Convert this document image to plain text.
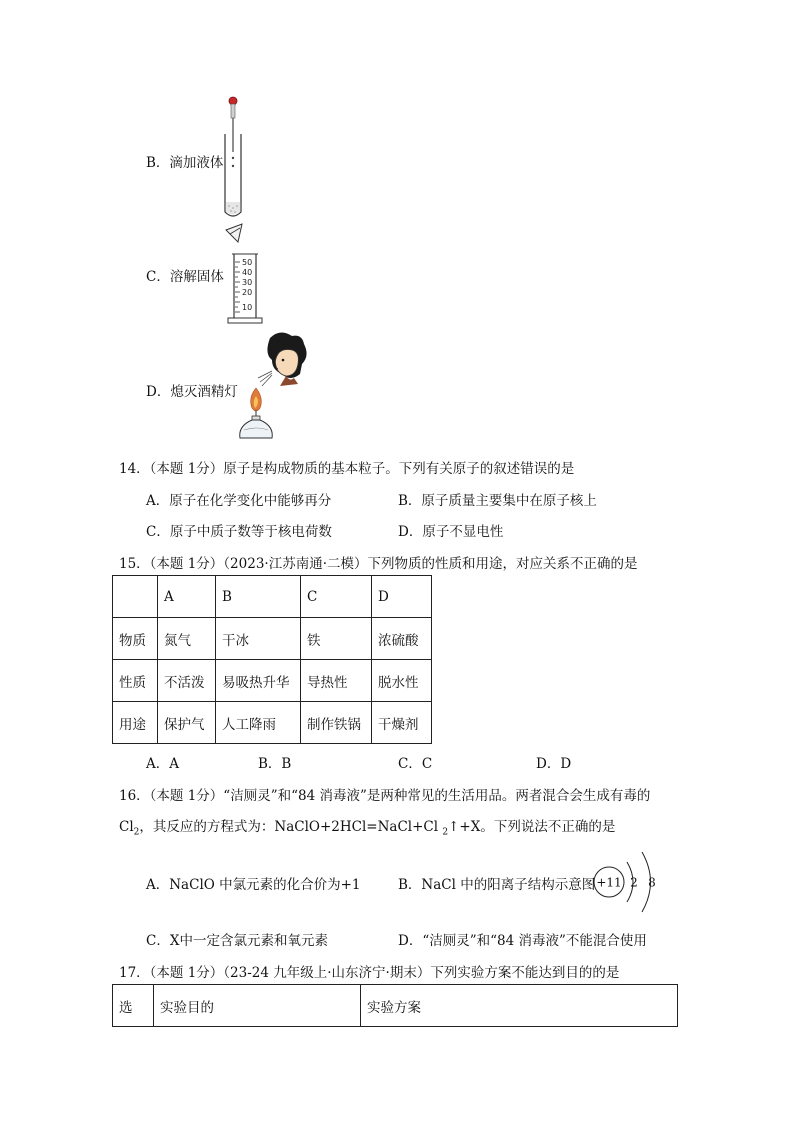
50
40
30
20
10
B．滴加液体
C．溶解固体
D．熄灭酒精灯
14．（本题 1分）原子是构成物质的基本粒子。下列有关原子的叙述错误的是
A．原子在化学变化中能够再分	B．原子质量主要集中在原子核上
C．原子中质子数等于核电荷数	D．原子不显电性
15．（本题 1分）（2023·江苏南通·二模）下列物质的性质和用途，对应关系不正确的是
	A	B	C	D
物质	氮气	干冰	铁	浓硫酸
性质	不活泼	易吸热升华	导热性	脱水性
用途	保护气	人工降雨	制作铁锅	干燥剂
A．A	B．B	C．C	D．D
16．（本题 1分）“洁厕灵”和“84 消毒液”是两种常见的生活用品。两者混合会生成有毒的
$Cl_2$，其反应的方程式为：NaClO+2HCl=NaCl+Cl $_2$↑+X。下列说法不正确的是
A．NaClO 中氯元素的化合价为+1	B．NaCl 中的阳离子结构示意图 +11 2 8
C．X中一定含氯元素和氧元素	D．“洁厕灵”和“84 消毒液”不能混合使用
17．（本题 1分）（23-24 九年级上·山东济宁·期末）下列实验方案不能达到目的的是
选	实验目的	实验方案
